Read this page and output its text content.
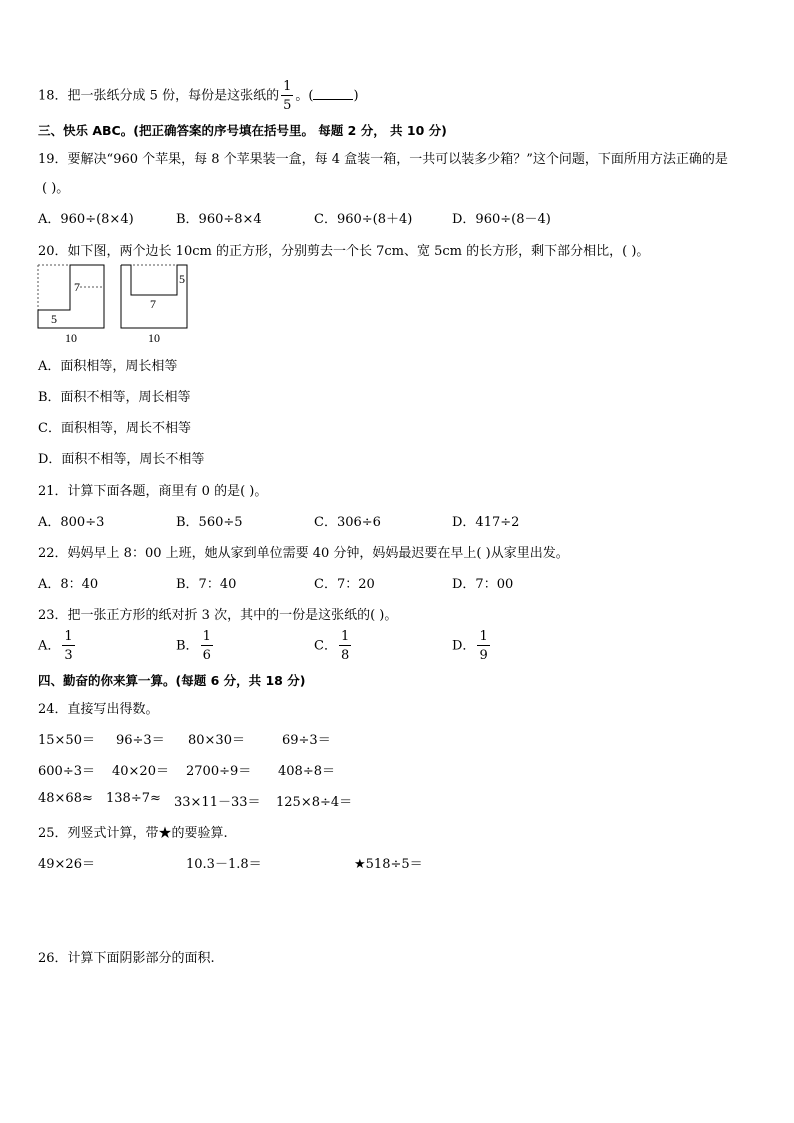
18．把一张纸分成 5 份，每份是这张纸的 $\frac{1}{5}$ 。(	)
三、快乐 ABC。(把正确答案的序号填在括号里。 每题 2 分， 共 10 分)
19．要解决“960 个苹果，每 8 个苹果装一盒，每 4 盒装一箱，一共可以装多少箱？”这个问题，下面所用方法正确的是
( )。
A．960÷(8×4)	B．960÷8×4	C．960÷(8＋4)	D．960÷(8－4)
20．如下图，两个边长 10cm 的正方形，分别剪去一个长 7cm、宽 5cm 的长方形，剩下部分相比，( )。
7
5
10
5
7
10
A．面积相等，周长相等
B．面积不相等，周长相等
C．面积相等，周长不相等
D．面积不相等，周长不相等
21．计算下面各题，商里有 0 的是( )。
A．800÷3	B．560÷5	C．306÷6	D．417÷2
22．妈妈早上 8：00 上班，她从家到单位需要 40 分钟，妈妈最迟要在早上( )从家里出发。
A．8：40	B．7：40	C．7：20	D．7：00
23．把一张正方形的纸对折 3 次，其中的一份是这张纸的( )。
A． $\frac{1}{3}$	B． $\frac{1}{6}$	C． $\frac{1}{8}$	D． $\frac{1}{9}$
四、勤奋的你来算一算。(每题 6 分，共 18 分)
24．直接写出得数。
15×50＝ 96÷3＝ 80×30＝	69÷3＝
600÷3＝ 40×20＝ 2700÷9＝ 408÷8＝
48×68≈ 138÷7≈ 33×11－33＝ 125×8÷4＝
25．列竖式计算，带★的要验算.
49×26＝	10.3－1.8＝	★518÷5＝
26．计算下面阴影部分的面积.
